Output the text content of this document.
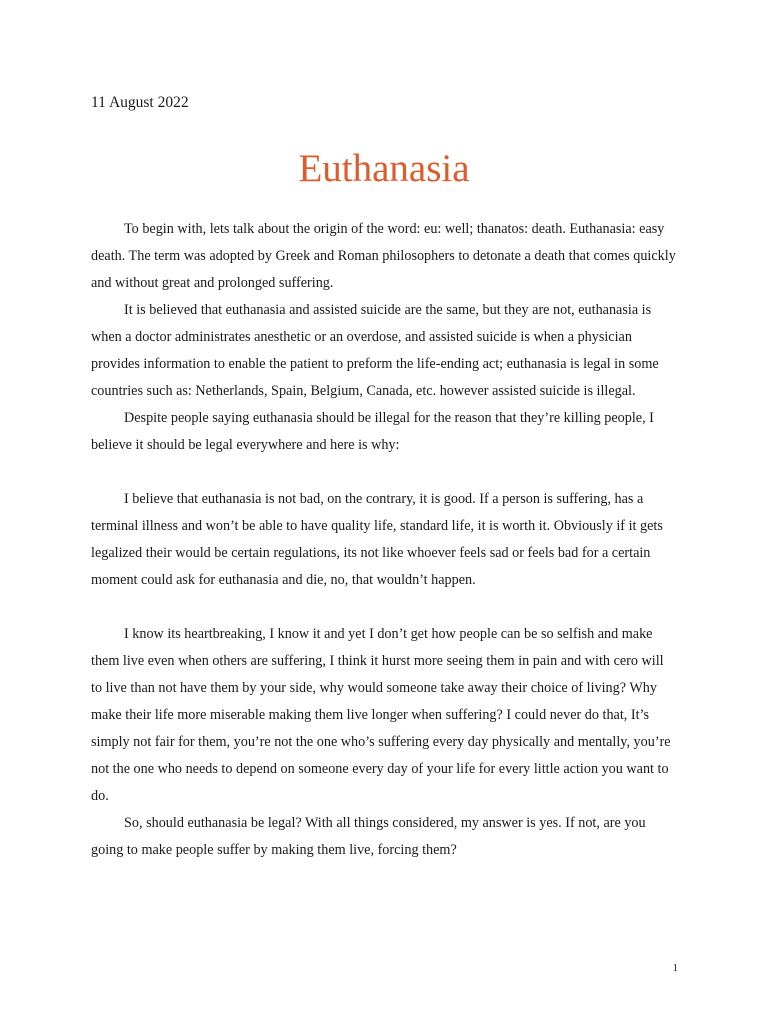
11 August 2022

Euthanasia

To begin with, lets talk about the origin of the word: eu: well; thanatos: death. Euthanasia: easy death. The term was adopted by Greek and Roman philosophers to detonate a death that comes quickly and without great and prolonged suffering.

It is believed that euthanasia and assisted suicide are the same, but they are not, euthanasia is when a doctor administrates anesthetic or an overdose, and assisted suicide is when a physician provides information to enable the patient to preform the life-ending act; euthanasia is legal in some countries such as: Netherlands, Spain, Belgium, Canada, etc. however assisted suicide is illegal.

Despite people saying euthanasia should be illegal for the reason that they’re killing people, I believe it should be legal everywhere and here is why:

I believe that euthanasia is not bad, on the contrary, it is good. If a person is suffering, has a terminal illness and won’t be able to have quality life, standard life, it is worth it. Obviously if it gets legalized their would be certain regulations, its not like whoever feels sad or feels bad for a certain moment could ask for euthanasia and die, no, that wouldn’t happen.

I know its heartbreaking, I know it and yet I don’t get how people can be so selfish and make them live even when others are suffering, I think it hurst more seeing them in pain and with cero will to live than not have them by your side, why would someone take away their choice of living? Why make their life more miserable making them live longer when suffering? I could never do that, It’s simply not fair for them, you’re not the one who’s suffering every day physically and mentally, you’re not the one who needs to depend on someone every day of your life for every little action you want to do.

So, should euthanasia be legal? With all things considered, my answer is yes. If not, are you going to make people suffer by making them live, forcing them?

1
